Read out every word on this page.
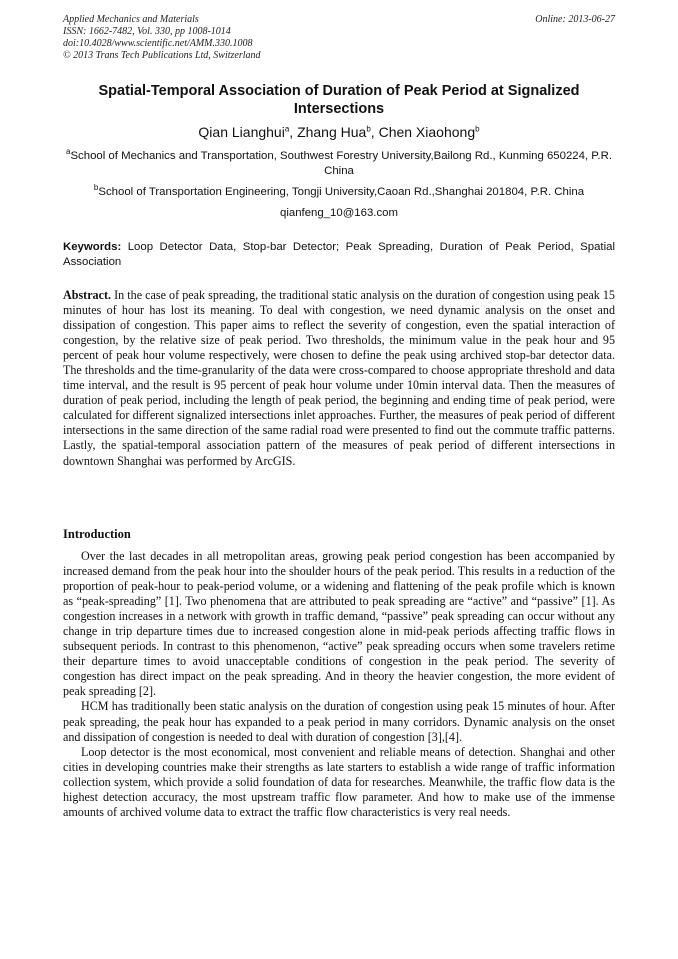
Applied Mechanics and Materials
ISSN: 1662-7482, Vol. 330, pp 1008-1014
doi:10.4028/www.scientific.net/AMM.330.1008
© 2013 Trans Tech Publications Ltd, Switzerland
Online: 2013-06-27
Spatial-Temporal Association of Duration of Peak Period at Signalized Intersections
Qian Lianghui$^a$, Zhang Hua$^b$, Chen Xiaohong$^b$
$^a$School of Mechanics and Transportation, Southwest Forestry University,Bailong Rd., Kunming 650224, P.R. China
$^b$School of Transportation Engineering, Tongji University,Caoan Rd.,Shanghai 201804, P.R. China
qianfeng_10@163.com
Keywords: Loop Detector Data, Stop-bar Detector; Peak Spreading, Duration of Peak Period, Spatial Association
Abstract. In the case of peak spreading, the traditional static analysis on the duration of congestion using peak 15 minutes of hour has lost its meaning. To deal with congestion, we need dynamic analysis on the onset and dissipation of congestion. This paper aims to reflect the severity of congestion, even the spatial interaction of congestion, by the relative size of peak period. Two thresholds, the minimum value in the peak hour and 95 percent of peak hour volume respectively, were chosen to define the peak using archived stop-bar detector data. The thresholds and the time-granularity of the data were cross-compared to choose appropriate threshold and data time interval, and the result is 95 percent of peak hour volume under 10min interval data. Then the measures of duration of peak period, including the length of peak period, the beginning and ending time of peak period, were calculated for different signalized intersections inlet approaches. Further, the measures of peak period of different intersections in the same direction of the same radial road were presented to find out the commute traffic patterns. Lastly, the spatial-temporal association pattern of the measures of peak period of different intersections in downtown Shanghai was performed by ArcGIS.
Introduction

Over the last decades in all metropolitan areas, growing peak period congestion has been accompanied by increased demand from the peak hour into the shoulder hours of the peak period. This results in a reduction of the proportion of peak-hour to peak-period volume, or a widening and flattening of the peak profile which is known as “peak-spreading” [1]. Two phenomena that are attributed to peak spreading are “active” and “passive” [1]. As congestion increases in a network with growth in traffic demand, “passive” peak spreading can occur without any change in trip departure times due to increased congestion alone in mid-peak periods affecting traffic flows in subsequent periods. In contrast to this phenomenon, “active” peak spreading occurs when some travelers retime their departure times to avoid unacceptable conditions of congestion in the peak period. The severity of congestion has direct impact on the peak spreading. And in theory the heavier congestion, the more evident of peak spreading [2].

HCM has traditionally been static analysis on the duration of congestion using peak 15 minutes of hour. After peak spreading, the peak hour has expanded to a peak period in many corridors. Dynamic analysis on the onset and dissipation of congestion is needed to deal with duration of congestion [3],[4].

Loop detector is the most economical, most convenient and reliable means of detection. Shanghai and other cities in developing countries make their strengths as late starters to establish a wide range of traffic information collection system, which provide a solid foundation of data for researches. Meanwhile, the traffic flow data is the highest detection accuracy, the most upstream traffic flow parameter. And how to make use of the immense amounts of archived volume data to extract the traffic flow characteristics is very real needs.
